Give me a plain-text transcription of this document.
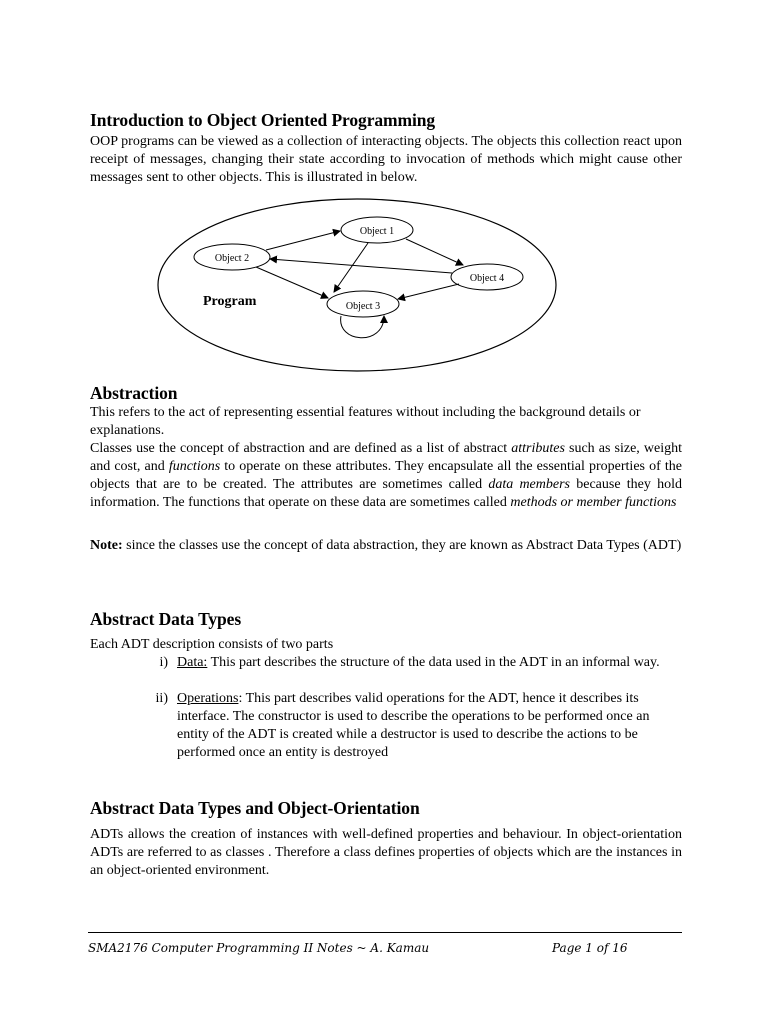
Introduction to Object Oriented Programming

OOP programs can be viewed as a collection of interacting objects. The objects this collection react upon receipt of messages, changing their state according to invocation of methods which might cause other messages sent to other objects. This is illustrated in below.

Object 1
Object 2
Object 3
Object 4
Program
Abstraction

This refers to the act of representing essential features without including the background details or explanations.

Classes use the concept of abstraction and are defined as a list of abstract attributes such as size, weight and cost, and functions to operate on these attributes. They encapsulate all the essential properties of the objects that are to be created. The attributes are sometimes called data members because they hold information. The functions that operate on these data are sometimes called methods or member functions

Note: since the classes use the concept of data abstraction, they are known as Abstract Data Types (ADT)

Abstract Data Types

Each ADT description consists of two parts

i) Data: This part describes the structure of the data used in the ADT in an informal way.
ii) Operations: This part describes valid operations for the ADT, hence it describes its interface. The constructor is used to describe the operations to be performed once an entity of the ADT is created while a destructor is used to describe the actions to be performed once an entity is destroyed
Abstract Data Types and Object-Orientation

ADTs allows the creation of instances with well-defined properties and behaviour. In object-orientation ADTs are referred to as classes . Therefore a class defines properties of objects which are the instances in an object-oriented environment.

SMA2176 Computer Programming II Notes ~ A. Kamau	Page 1 of 16
